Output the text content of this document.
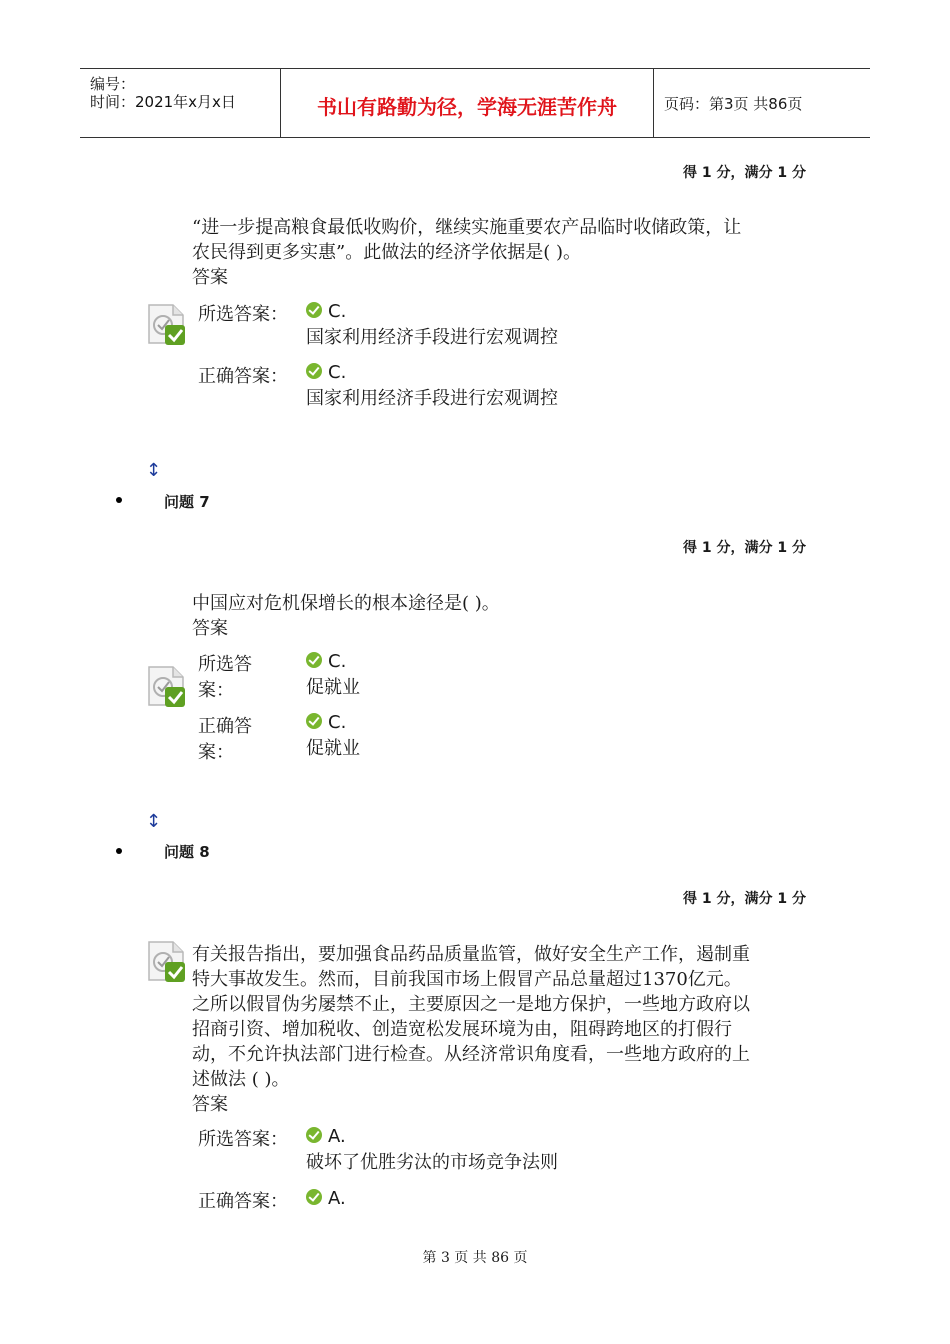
编号：
时间：2021年x月x日	书山有路勤为径，学海无涯苦作舟	页码：第3页 共86页
得 1 分，满分 1 分

“进一步提高粮食最低收购价，继续实施重要农产品临时收储政策，让

农民得到更多实惠”。此做法的经济学依据是( )。

答案

所选答案：	C.
国家利用经济手段进行宏观调控
正确答案：	C.
国家利用经济手段进行宏观调控
↕
问题 7
得 1 分，满分 1 分

中国应对危机保增长的根本途径是( )。

答案

所选答
案：
C.
促就业
正确答
案：
C.
促就业
↕
问题 8
得 1 分，满分 1 分

有关报告指出，要加强食品药品质量监管，做好安全生产工作，遏制重

特大事故发生。然而，目前我国市场上假冒产品总量超过1370亿元。

之所以假冒伪劣屡禁不止，主要原因之一是地方保护，一些地方政府以

招商引资、增加税收、创造宽松发展环境为由，阻碍跨地区的打假行

动，不允许执法部门进行检查。从经济常识角度看，一些地方政府的上

述做法 ( )。

答案

所选答案：	A.
破坏了优胜劣汰的市场竞争法则
正确答案：	A.
第 3 页 共 86 页
